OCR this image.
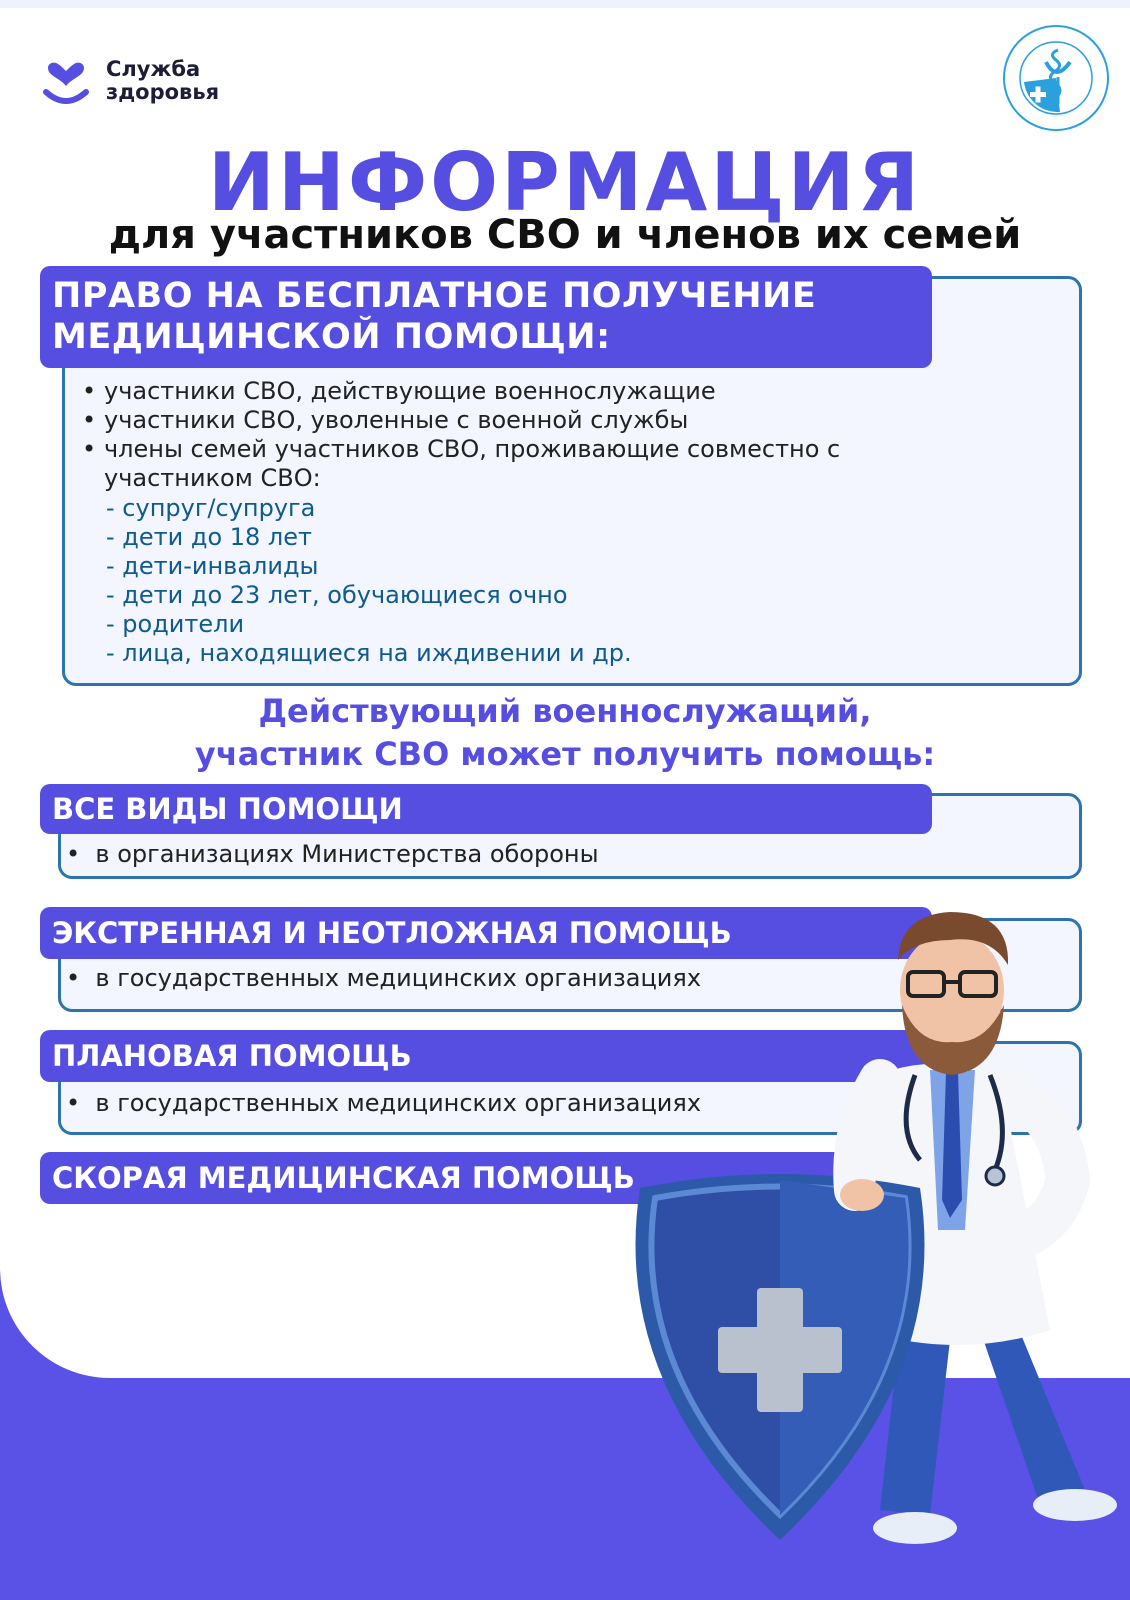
Служба
здоровья
ИНФОРМАЦИЯ
для участников СВО и членов их семей
ПРАВО НА БЕСПЛАТНОЕ ПОЛУЧЕНИЕ
МЕДИЦИНСКОЙ ПОМОЩИ:
• участники СВО, действующие военнослужащие
• участники СВО, уволенные с военной службы
• члены семей участников СВО, проживающие совместно с
участником СВО:
- супруг/супруга
- дети до 18 лет
- дети-инвалиды
- дети до 23 лет, обучающиеся очно
- родители
- лица, находящиеся на иждивении и др.
Действующий военнослужащий,
участник СВО может получить помощь:
ВСЕ ВИДЫ ПОМОЩИ
•  в организациях Министерства обороны
ЭКСТРЕННАЯ И НЕОТЛОЖНАЯ ПОМОЩЬ
•  в государственных медицинских организациях
ПЛАНОВАЯ ПОМОЩЬ
•  в государственных медицинских организациях
СКОРАЯ МЕДИЦИНСКАЯ ПОМОЩЬ
